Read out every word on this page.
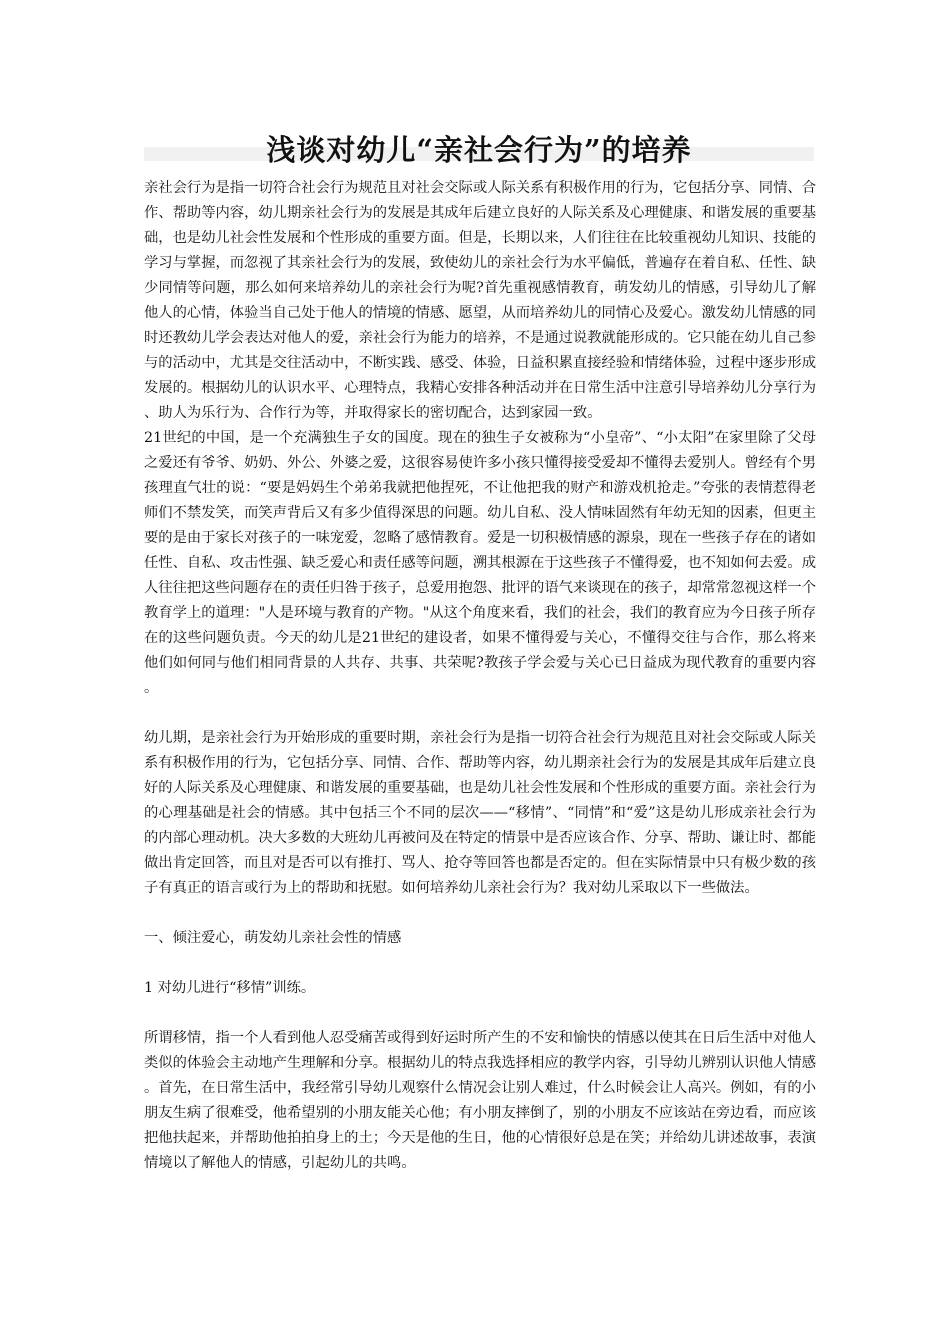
浅谈对幼儿“亲社会行为”的培养

亲社会行为是指一切符合社会行为规范且对社会交际或人际关系有积极作用的行为，它包括分享、同情、合作、帮助等内容，幼儿期亲社会行为的发展是其成年后建立良好的人际关系及心理健康、和谐发展的重要基础，也是幼儿社会性发展和个性形成的重要方面。但是，长期以来，人们往往在比较重视幼儿知识、技能的学习与掌握，而忽视了其亲社会行为的发展，致使幼儿的亲社会行为水平偏低，普遍存在着自私、任性、缺少同情等问题，那么如何来培养幼儿的亲社会行为呢?首先重视感情教育，萌发幼儿的情感，引导幼儿了解他人的心情，体验当自己处于他人的情境的情感、愿望，从而培养幼儿的同情心及爱心。激发幼儿情感的同时还教幼儿学会表达对他人的爱，亲社会行为能力的培养，不是通过说教就能形成的。它只能在幼儿自己参与的活动中，尤其是交往活动中，不断实践、感受、体验，日益积累直接经验和情绪体验，过程中逐步形成发展的。根据幼儿的认识水平、心理特点，我精心安排各种活动并在日常生活中注意引导培养幼儿分享行为、助人为乐行为、合作行为等，并取得家长的密切配合，达到家园一致。

21世纪的中国，是一个充满独生子女的国度。现在的独生子女被称为“小皇帝”、“小太阳”在家里除了父母之爱还有爷爷、奶奶、外公、外婆之爱，这很容易使许多小孩只懂得接受爱却不懂得去爱别人。曾经有个男孩理直气壮的说：“要是妈妈生个弟弟我就把他捏死，不让他把我的财产和游戏机抢走。”夸张的表情惹得老师们不禁发笑，而笑声背后又有多少值得深思的问题。幼儿自私、没人情味固然有年幼无知的因素，但更主要的是由于家长对孩子的一味宠爱，忽略了感情教育。爱是一切积极情感的源泉，现在一些孩子存在的诸如任性、自私、攻击性强、缺乏爱心和责任感等问题，溯其根源在于这些孩子不懂得爱，也不知如何去爱。成人往往把这些问题存在的责任归咎于孩子，总爱用抱怨、批评的语气来谈现在的孩子，却常常忽视这样一个教育学上的道理："人是环境与教育的产物。"从这个角度来看，我们的社会，我们的教育应为今日孩子所存在的这些问题负责。今天的幼儿是21世纪的建设者，如果不懂得爱与关心，不懂得交往与合作，那么将来他们如何同与他们相同背景的人共存、共事、共荣呢?教孩子学会爱与关心已日益成为现代教育的重要内容。

幼儿期，是亲社会行为开始形成的重要时期，亲社会行为是指一切符合社会行为规范且对社会交际或人际关系有积极作用的行为，它包括分享、同情、合作、帮助等内容，幼儿期亲社会行为的发展是其成年后建立良好的人际关系及心理健康、和谐发展的重要基础，也是幼儿社会性发展和个性形成的重要方面。亲社会行为的心理基础是社会的情感。其中包括三个不同的层次——“移情”、“同情”和“爱”这是幼儿形成亲社会行为的内部心理动机。决大多数的大班幼儿再被问及在特定的情景中是否应该合作、分享、帮助、谦让时、都能做出肯定回答，而且对是否可以有推打、骂人、抢夺等回答也都是否定的。但在实际情景中只有极少数的孩子有真正的语言或行为上的帮助和抚慰。如何培养幼儿亲社会行为？我对幼儿采取以下一些做法。

一、倾注爱心，萌发幼儿亲社会性的情感

1 对幼儿进行“移情”训练。

所谓移情，指一个人看到他人忍受痛苦或得到好运时所产生的不安和愉快的情感以使其在日后生活中对他人类似的体验会主动地产生理解和分享。根据幼儿的特点我选择相应的教学内容，引导幼儿辨别认识他人情感。首先，在日常生活中，我经常引导幼儿观察什么情况会让别人难过，什么时候会让人高兴。例如，有的小朋友生病了很难受，他希望别的小朋友能关心他；有小朋友摔倒了，别的小朋友不应该站在旁边看，而应该把他扶起来，并帮助他拍拍身上的土；今天是他的生日，他的心情很好总是在笑；并给幼儿讲述故事，表演情境以了解他人的情感，引起幼儿的共鸣。
